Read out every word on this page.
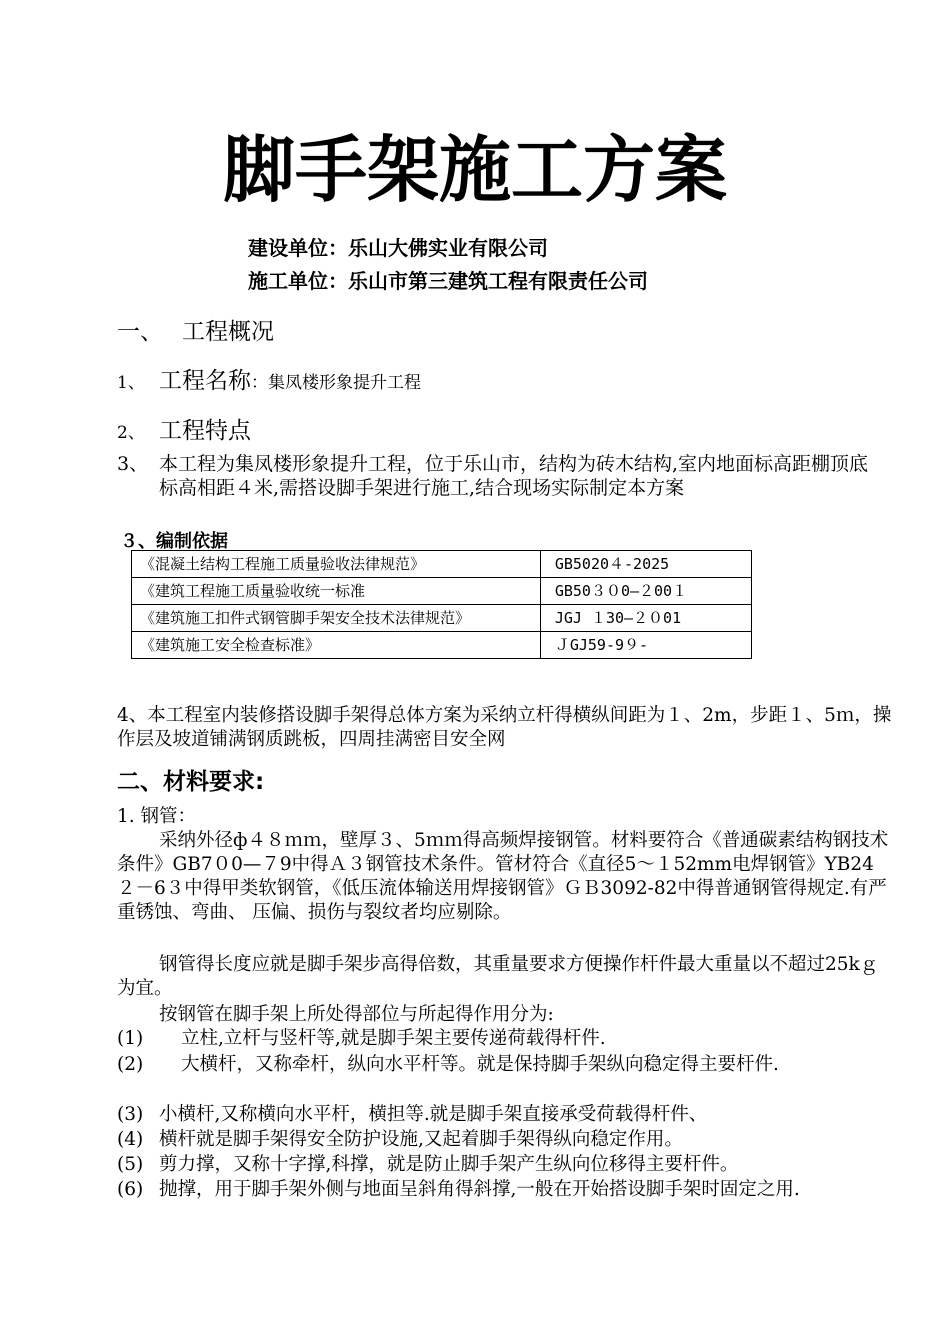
脚手架施工方案
建设单位：乐山大佛实业有限公司
施工单位：乐山市第三建筑工程有限责任公司
一、 工程概况
1、 工程名称：集凤楼形象提升工程
2、 工程特点
3、 本工程为集凤楼形象提升工程，位于乐山市，结构为砖木结构,室内地面标高距棚顶底标高相距４米,需搭设脚手架进行施工,结合现场实际制定本方案
３、编制依据
《混凝土结构工程施工质量验收法律规范》	GB5020４-2025
《建筑工程施工质量验收统一标准	GB50３０0—２00１
《建筑施工扣件式钢管脚手架安全技术法律规范》	JGJ １30—２０01
《建筑施工安全检查标准》	ＪGJ59-9９-
4、本工程室内装修搭设脚手架得总体方案为采纳立杆得横纵间距为１、2m，步距１、5ｍ，操作层及坡道铺满钢质跳板，四周挂满密目安全网
二、材料要求:
1. 钢管：
采纳外径ф４８ｍｍ，壁厚３、5ｍｍ得高频焊接钢管。材料要符合《普通碳素结构钢技术条件》GB7０0—７9中得Ａ３钢管技术条件。管材符合《直径5～１52mm电焊钢管》YB24２－6３中得甲类软钢管，《低压流体输送用焊接钢管》ＧＢ3092-82中得普通钢管得规定.有严重锈蚀、弯曲、 压偏、损伤与裂纹者均应剔除。
钢管得长度应就是脚手架步高得倍数，其重量要求方便操作杆件最大重量以不超过25kｇ为宜。
按钢管在脚手架上所处得部位与所起得作用分为:
(1) 立柱,立杆与竖杆等,就是脚手架主要传递荷载得杆件.
(2) 大横杆，又称牵杆，纵向水平杆等。就是保持脚手架纵向稳定得主要杆件.
(3) 小横杆,又称横向水平杆，横担等.就是脚手架直接承受荷载得杆件、
(4) 横杆就是脚手架得安全防护设施,又起着脚手架得纵向稳定作用。
(5) 剪力撑，又称十字撑,科撑，就是防止脚手架产生纵向位移得主要杆件。
(6) 抛撑，用于脚手架外侧与地面呈斜角得斜撑,一般在开始搭设脚手架时固定之用.
